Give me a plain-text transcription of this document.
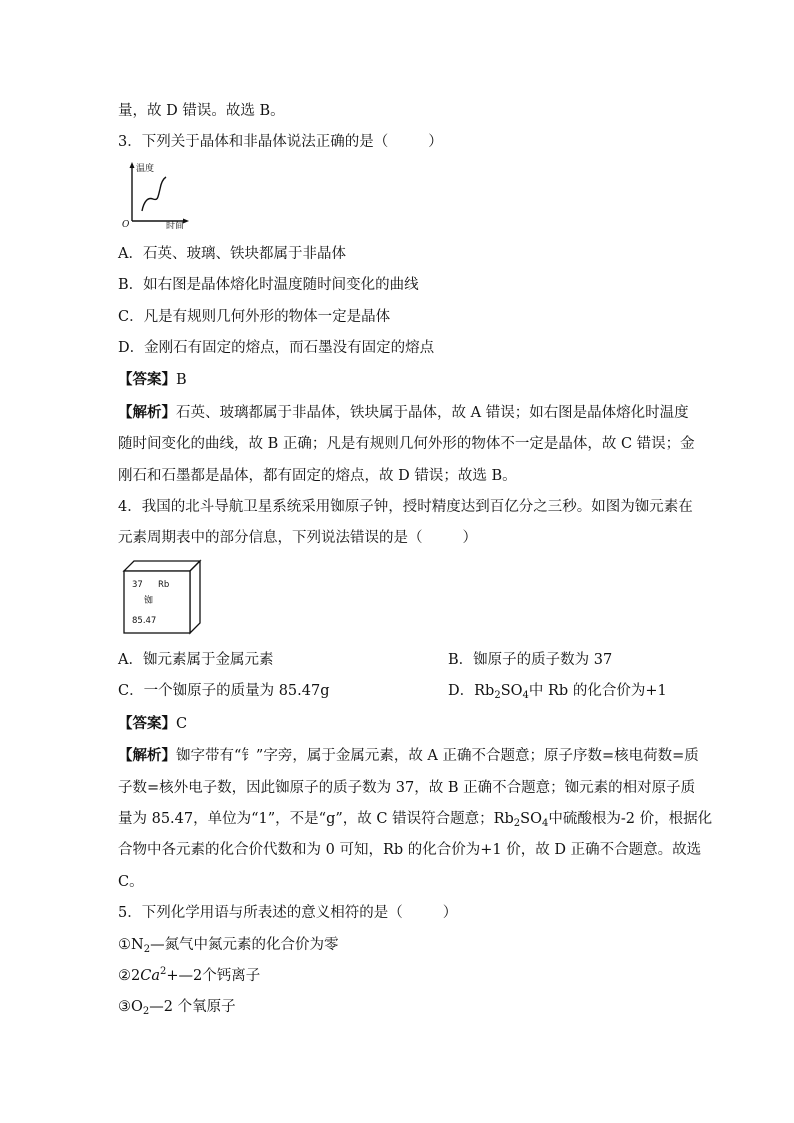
量，故 D 错误。故选 B。
3．下列关于晶体和非晶体说法正确的是（	）
温度
时间
O
A．石英、玻璃、铁块都属于非晶体
B．如右图是晶体熔化时温度随时间变化的曲线
C．凡是有规则几何外形的物体一定是晶体
D．金刚石有固定的熔点，而石墨没有固定的熔点
【答案】B
【解析】石英、玻璃都属于非晶体，铁块属于晶体，故 A 错误；如右图是晶体熔化时温度
随时间变化的曲线，故 B 正确；凡是有规则几何外形的物体不一定是晶体，故 C 错误；金
刚石和石墨都是晶体，都有固定的熔点，故 D 错误；故选 B。
4．我国的北斗导航卫星系统采用铷原子钟，授时精度达到百亿分之三秒。如图为铷元素在
元素周期表中的部分信息，下列说法错误的是（	）
37 Rb
铷
85.47
A．铷元素属于金属元素	B．铷原子的质子数为 37
C．一个铷原子的质量为 85.47g	D．$Rb_2SO_4$中 Rb 的化合价为+1
【答案】C
【解析】铷字带有“钅”字旁，属于金属元素，故 A 正确不合题意；原子序数=核电荷数=质
子数=核外电子数，因此铷原子的质子数为 37，故 B 正确不合题意；铷元素的相对原子质
量为 85.47，单位为“1”，不是“g”，故 C 错误符合题意；$Rb_2SO_4$中硫酸根为-2 价，根据化
合物中各元素的化合价代数和为 0 可知，Rb 的化合价为+1 价，故 D 正确不合题意。故选
C。
5．下列化学用语与所表述的意义相符的是（	）
$①N_2—$氮气中氮元素的化合价为零
$②2Ca^2+—2$个钙离子
$③O_2—2$ 个氧原子
